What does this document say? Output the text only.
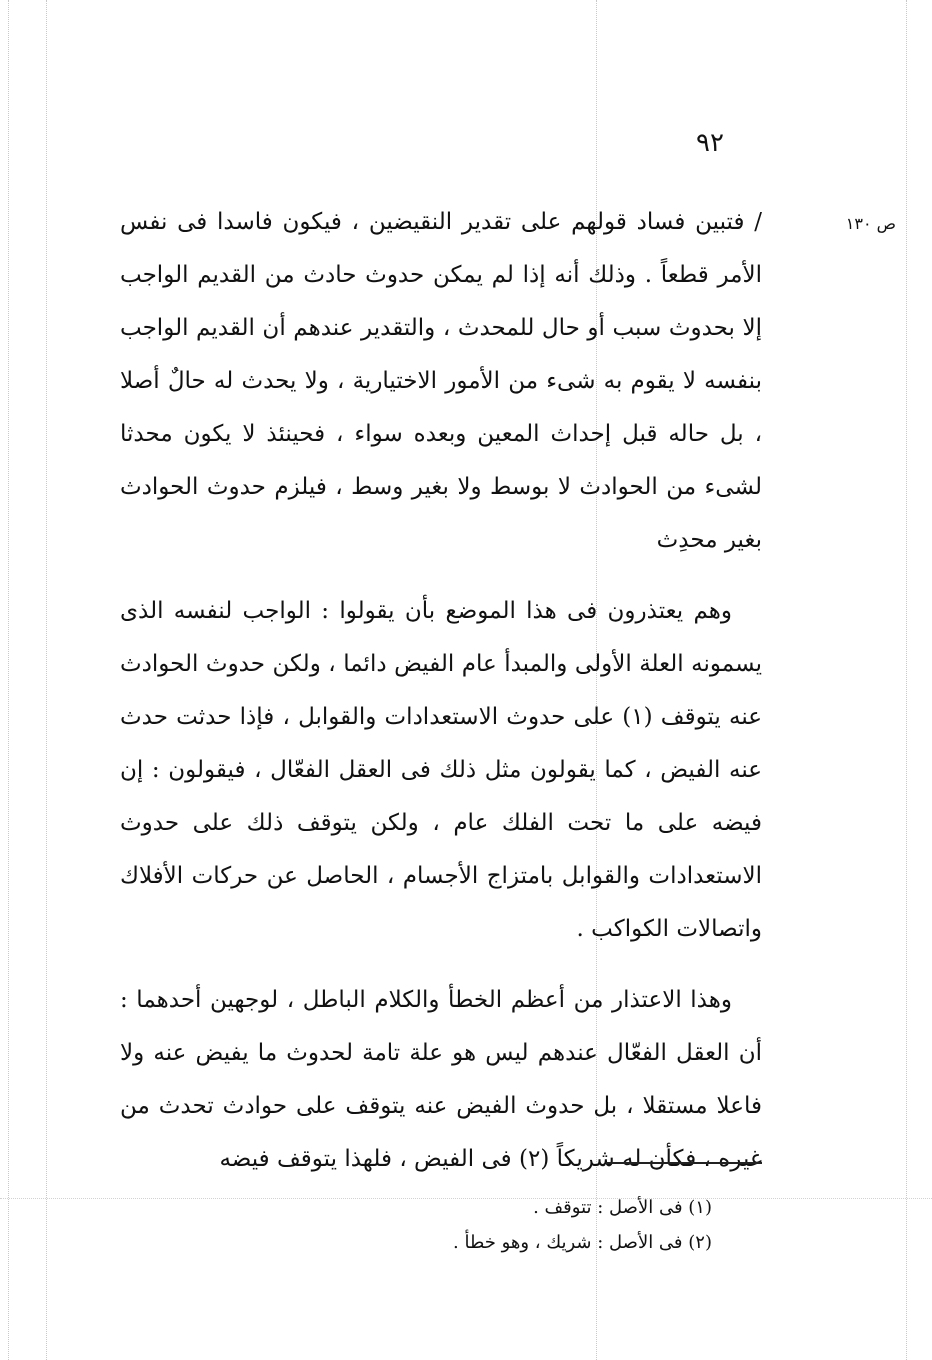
٩٢
ص ١٣٠

/ فتبين فساد قولهم على تقدير النقيضين ، فيكون فاسدا فى نفس الأمر قطعاً . وذلك أنه إذا لم يمكن حدوث حادث من القديم الواجب إلا بحدوث سبب أو حال للمحدث ، والتقدير عندهم أن القديم الواجب بنفسه لا يقوم به شىء من الأمور الاختيارية ، ولا يحدث له حالٌ أصلا ، بل حاله قبل إحداث المعين وبعده سواء ، فحينئذ لا يكون محدثا لشىء من الحوادث لا بوسط ولا بغير وسط ، فيلزم حدوث الحوادث بغير محدِث

وهم يعتذرون فى هذا الموضع بأن يقولوا : الواجب لنفسه الذى يسمونه العلة الأولى والمبدأ عام الفيض دائما ، ولكن حدوث الحوادث عنه يتوقف (١) على حدوث الاستعدادات والقوابل ، فإذا حدثت حدث عنه الفيض ، كما يقولون مثل ذلك فى العقل الفعّال ، فيقولون : إن فيضه على ما تحت الفلك عام ، ولكن يتوقف ذلك على حدوث الاستعدادات والقوابل بامتزاج الأجسام ، الحاصل عن حركات الأفلاك واتصالات الكواكب .

وهذا الاعتذار من أعظم الخطأ والكلام الباطل ، لوجهين أحدهما : أن العقل الفعّال عندهم ليس هو علة تامة لحدوث ما يفيض عنه ولا فاعلا مستقلا ، بل حدوث الفيض عنه يتوقف على حوادث تحدث من غيره ، فكأن له شريكاً (٢) فى الفيض ، فلهذا يتوقف فيضه

(١) فى الأصل : تتوقف .

(٢) فى الأصل : شريك ، وهو خطأ .
